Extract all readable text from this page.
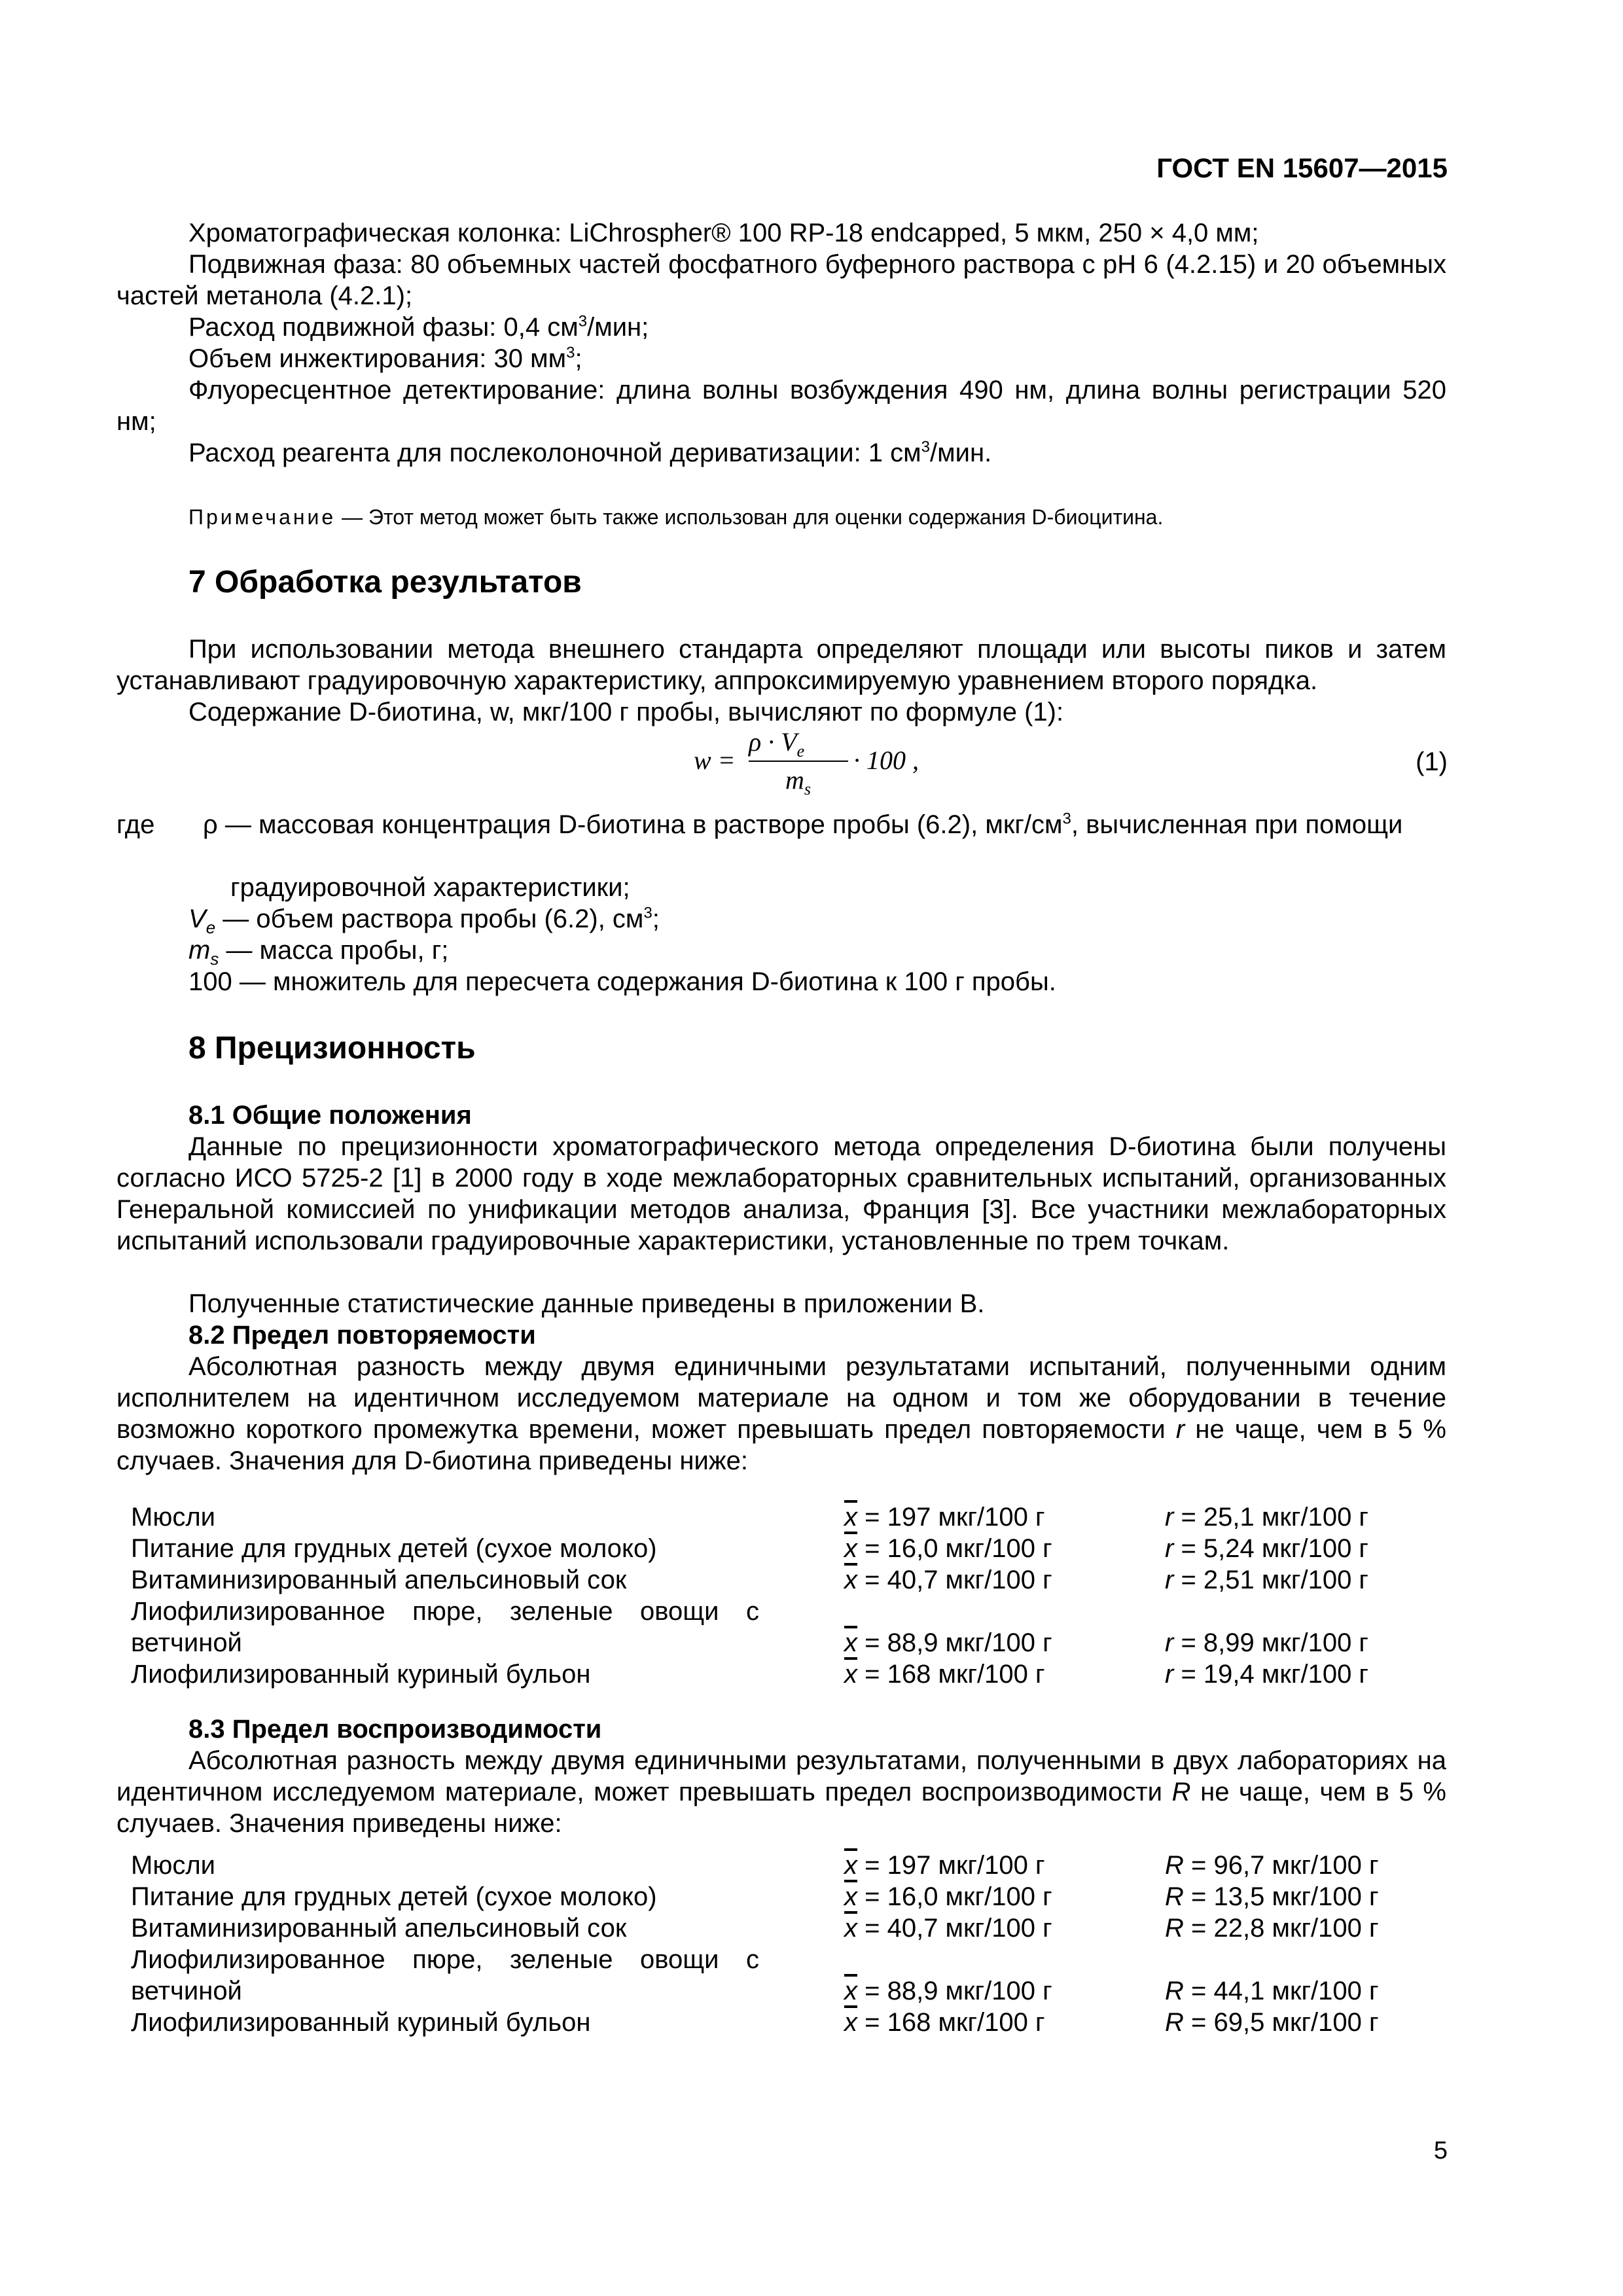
ГОСТ EN 15607—2015
Хроматографическая колонка: LiChrospher® 100 RP-18 endcapped, 5 мкм, 250 × 4,0 мм;
Подвижная фаза: 80 объемных частей фосфатного буферного раствора с pH 6 (4.2.15) и 20 объемных частей метанола (4.2.1);
Расход подвижной фазы: 0,4 $см^3$/мин;
Объем инжектирования: 30 $мм^3$;
Флуоресцентное детектирование: длина волны возбуждения 490 нм, длина волны регистрации 520 нм;
Расход реагента для послеколоночной дериватизации: 1 $см^3$/мин.
Примечание — Этот метод может быть также использован для оценки содержания D-биоцитина.
7 Обработка результатов
При использовании метода внешнего стандарта определяют площади или высоты пиков и затем устанавливают градуировочную характеристику, аппроксимируемую уравнением второго порядка.
Содержание D-биотина, w, мкг/100 г пробы, вычисляют по формуле (1):
w =
$\rho \cdot V_e$
$m_s$
· 100 ,	(1)
где	ρ — массовая концентрация D-биотина в растворе пробы (6.2), мкг/$см^3$, вычисленная при помощи
градуировочной характеристики;
$V_e$ — объем раствора пробы (6.2), $см^3$;
$m_s$ — масса пробы, г;
100 — множитель для пересчета содержания D-биотина к 100 г пробы.
8 Прецизионность
8.1 Общие положения
Данные по прецизионности хроматографического метода определения D-биотина были получены согласно ИСО 5725-2 [1] в 2000 году в ходе межлабораторных сравнительных испытаний, организованных Генеральной комиссией по унификации методов анализа, Франция [3]. Все участники межлабораторных испытаний использовали градуировочные характеристики, установленные по трем точкам.
Полученные статистические данные приведены в приложении B.
8.2 Предел повторяемости
Абсолютная разность между двумя единичными результатами испытаний, полученными одним исполнителем на идентичном исследуемом материале на одном и том же оборудовании в течение возможно короткого промежутка времени, может превышать предел повторяемости r не чаще, чем в 5 % случаев. Значения для D-биотина приведены ниже:
Мюсли	$\overline{x} = 197$ мкг/100 г	r = 25,1 мкг/100 г
Питание для грудных детей (сухое молоко)	$\overline{x} = 16,0$ мкг/100 г	r = 5,24 мкг/100 г
Витаминизированный апельсиновый сок	$\overline{x} = 40,7$ мкг/100 г	r = 2,51 мкг/100 г
Лиофилизированное пюре, зеленые овощи с ветчиной	$\overline{x} = 88,9$ мкг/100 г	r = 8,99 мкг/100 г
Лиофилизированный куриный бульон	$\overline{x} = 168$ мкг/100 г	r = 19,4 мкг/100 г
8.3 Предел воспроизводимости
Абсолютная разность между двумя единичными результатами, полученными в двух лабораториях на идентичном исследуемом материале, может превышать предел воспроизводимости R не чаще, чем в 5 % случаев. Значения приведены ниже:
Мюсли	$\overline{x} = 197$ мкг/100 г	R = 96,7 мкг/100 г
Питание для грудных детей (сухое молоко)	$\overline{x} = 16,0$ мкг/100 г	R = 13,5 мкг/100 г
Витаминизированный апельсиновый сок	$\overline{x} = 40,7$ мкг/100 г	R = 22,8 мкг/100 г
Лиофилизированное пюре, зеленые овощи с ветчиной	$\overline{x} = 88,9$ мкг/100 г	R = 44,1 мкг/100 г
Лиофилизированный куриный бульон	$\overline{x} = 168$ мкг/100 г	R = 69,5 мкг/100 г
5
